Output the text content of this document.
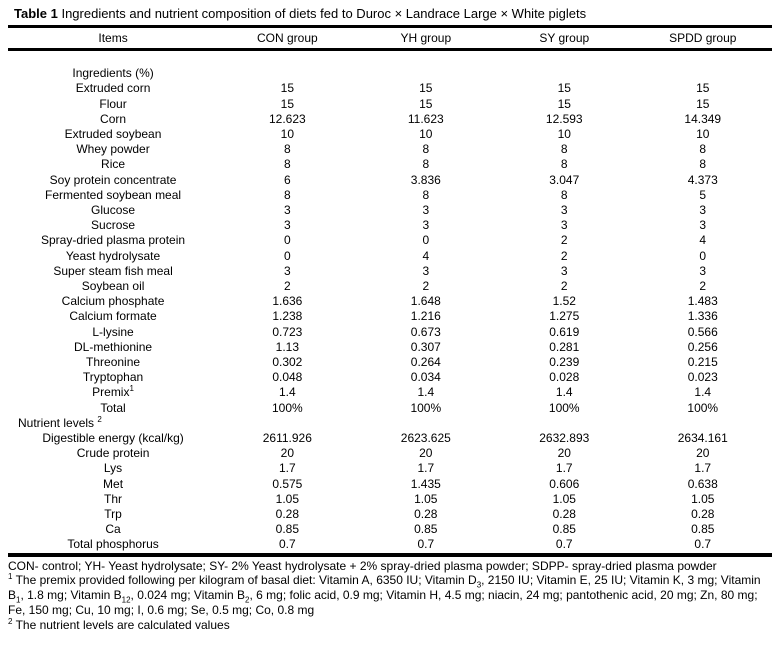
Table 1 Ingredients and nutrient composition of diets fed to Duroc × Landrace Large × White piglets
Items	CON group	YH group	SY group	SPDD group

Ingredients (%)				
Extruded corn	15	15	15	15
Flour	15	15	15	15
Corn	12.623	11.623	12.593	14.349
Extruded soybean	10	10	10	10
Whey powder	8	8	8	8
Rice	8	8	8	8
Soy protein concentrate	6	3.836	3.047	4.373
Fermented soybean meal	8	8	8	5
Glucose	3	3	3	3
Sucrose	3	3	3	3
Spray-dried plasma protein	0	0	2	4
Yeast hydrolysate	0	4	2	0
Super steam fish meal	3	3	3	3
Soybean oil	2	2	2	2
Calcium phosphate	1.636	1.648	1.52	1.483
Calcium formate	1.238	1.216	1.275	1.336
L-lysine	0.723	0.673	0.619	0.566
DL-methionine	1.13	0.307	0.281	0.256
Threonine	0.302	0.264	0.239	0.215
Tryptophan	0.048	0.034	0.028	0.023
Premix$^1$	1.4	1.4	1.4	1.4
Total	100%	100%	100%	100%
Nutrient levels $^2$				
Digestible energy (kcal/kg)	2611.926	2623.625	2632.893	2634.161
Crude protein	20	20	20	20
Lys	1.7	1.7	1.7	1.7
Met	0.575	1.435	0.606	0.638
Thr	1.05	1.05	1.05	1.05
Trp	0.28	0.28	0.28	0.28
Ca	0.85	0.85	0.85	0.85
Total phosphorus	0.7	0.7	0.7	0.7

CON- control; YH- Yeast hydrolysate; SY- 2% Yeast hydrolysate + 2% spray-dried plasma powder; SDPP- spray-dried plasma powder

$^1$ The premix provided following per kilogram of basal diet: Vitamin A, 6350 IU; Vitamin $D_3$, 2150 IU; Vitamin E, 25 IU; Vitamin K, 3 mg; Vitamin $B_1$, 1.8 mg; Vitamin $B_{12}$, 0.024 mg; Vitamin $B_2$, 6 mg; folic acid, 0.9 mg; Vitamin H, 4.5 mg; niacin, 24 mg; pantothenic acid, 20 mg; Zn, 80 mg; Fe, 150 mg; Cu, 10 mg; I, 0.6 mg; Se, 0.5 mg; Co, 0.8 mg

$^2$ The nutrient levels are calculated values
